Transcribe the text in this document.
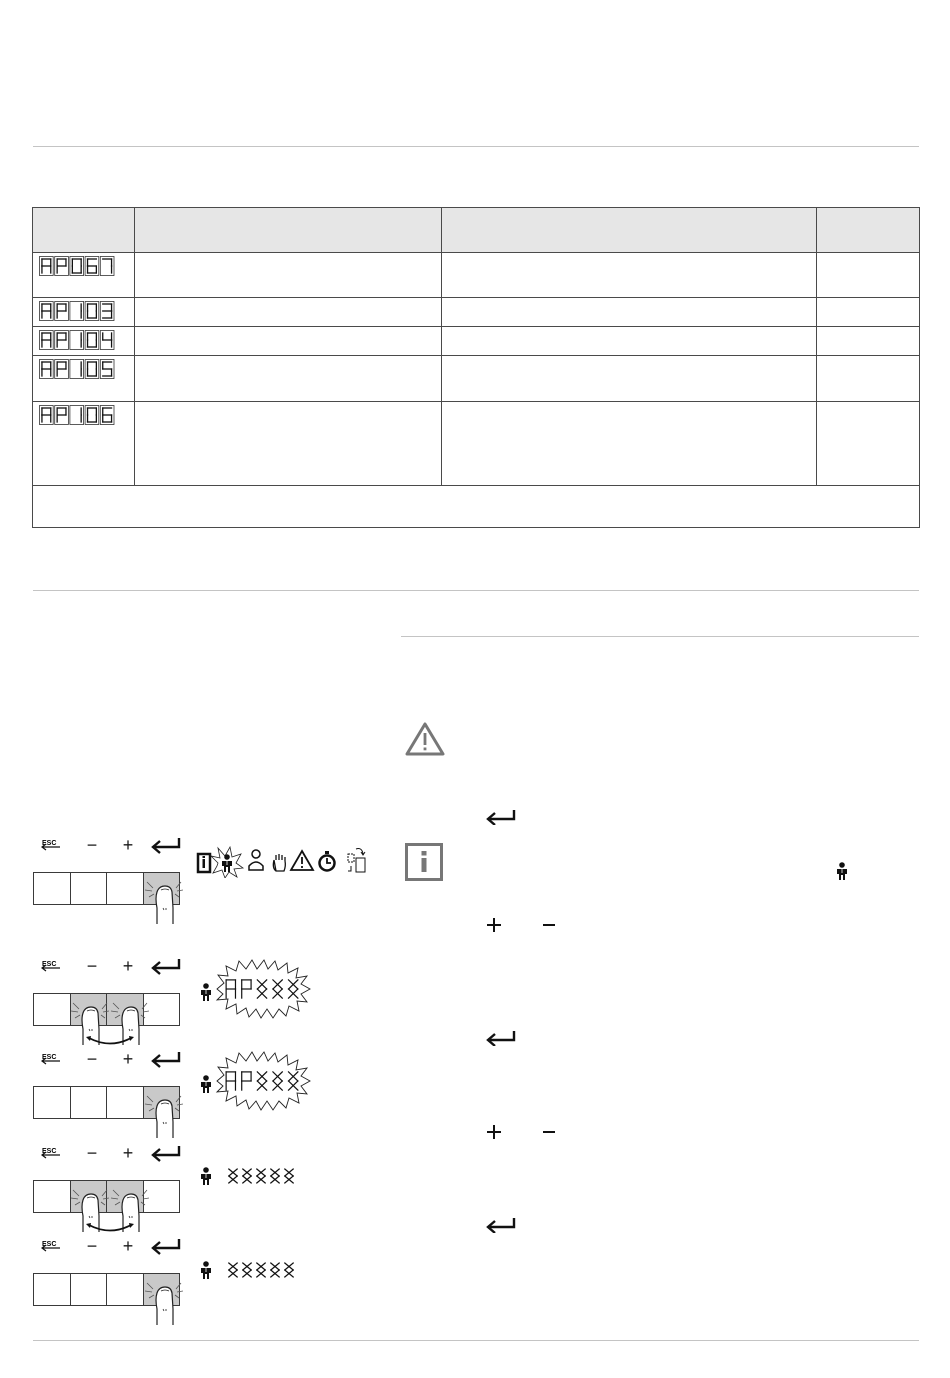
ESC	−	+
ESC	−	+
ESC	−	+
ESC	−	+
ESC	−	+
